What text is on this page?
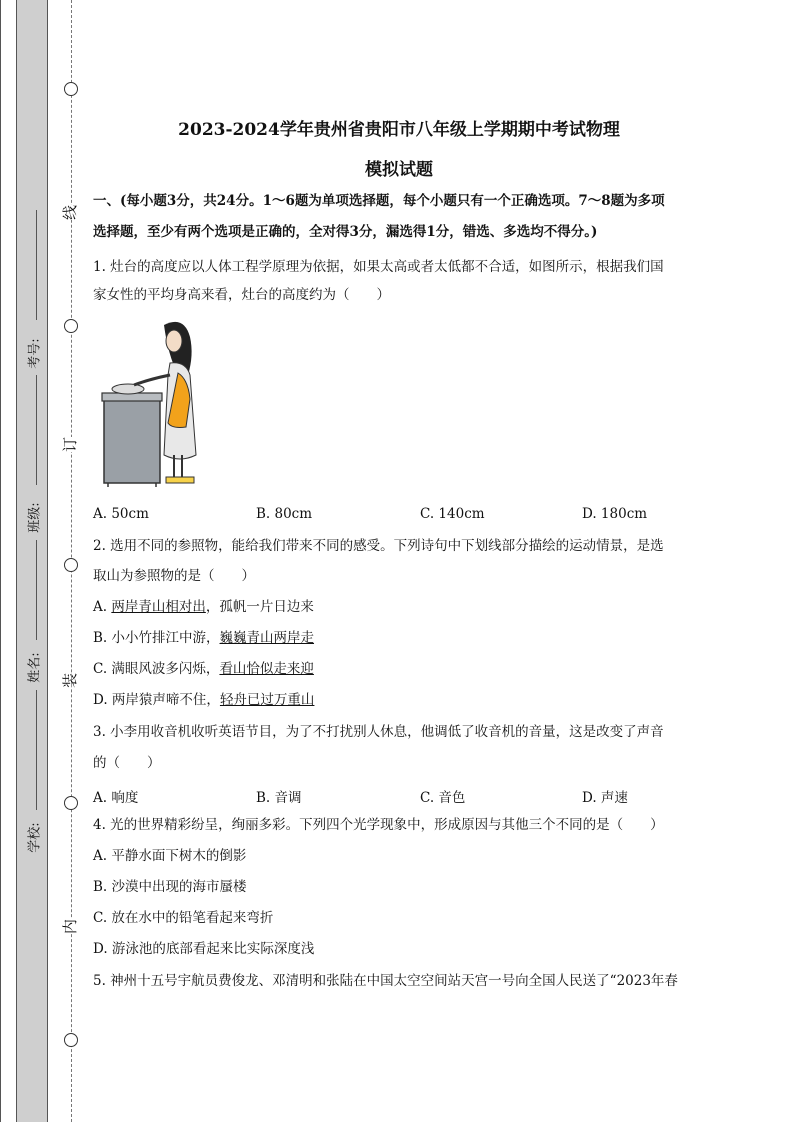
线
订
装
内
考号:
班级:
姓名:
学校:
2023-2024学年贵州省贵阳市八年级上学期期中考试物理
模拟试题
一、(每小题3分，共24分。1～6题为单项选择题，每个小题只有一个正确选项。7～8题为多项
选择题，至少有两个选项是正确的，全对得3分，漏选得1分，错选、多选均不得分。)
1. 灶台的高度应以人体工程学原理为依据，如果太高或者太低都不合适，如图所示，根据我们国
家女性的平均身高来看，灶台的高度约为（　　）
A. 50cm	B. 80cm	C. 140cm	D. 180cm
2. 选用不同的参照物，能给我们带来不同的感受。下列诗句中下划线部分描绘的运动情景，是选
取山为参照物的是（　　）
A. 两岸青山相对出，孤帆一片日边来
B. 小小竹排江中游，巍巍青山两岸走
C. 满眼风波多闪烁，看山恰似走来迎
D. 两岸猿声啼不住，轻舟已过万重山
3. 小李用收音机收听英语节目，为了不打扰别人休息，他调低了收音机的音量，这是改变了声音
的（　　）
A. 响度	B. 音调	C. 音色	D. 声速
4. 光的世界精彩纷呈，绚丽多彩。下列四个光学现象中，形成原因与其他三个不同的是（　　）
A. 平静水面下树木的倒影
B. 沙漠中出现的海市蜃楼
C. 放在水中的铅笔看起来弯折
D. 游泳池的底部看起来比实际深度浅
5. 神州十五号宇航员费俊龙、邓清明和张陆在中国太空空间站天宫一号向全国人民送了“2023年春
